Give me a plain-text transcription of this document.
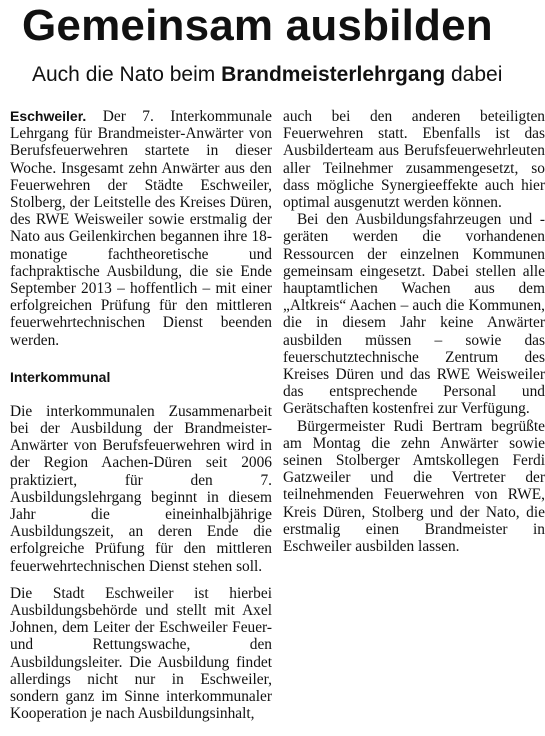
Gemeinsam ausbilden
Auch die Nato beim Brandmeisterlehrgang dabei

Eschweiler. Der 7. Interkommunale Lehrgang für Brandmeister-Anwärter von Berufsfeuerwehren startete in dieser Woche. Insgesamt zehn Anwärter aus den Feuerwehren der Städte Eschweiler, Stolberg, der Leitstelle des Kreises Düren, des RWE Weisweiler sowie erstmalig der Nato aus Geilenkirchen begannen ihre 18-monatige fachtheoretische und fachpraktische Ausbildung, die sie Ende September 2013 – hoffentlich – mit einer erfolgreichen Prüfung für den mittleren feuerwehrtechnischen Dienst beenden werden.

Interkommunal

Die interkommunalen Zusammenarbeit bei der Ausbildung der Brandmeister-Anwärter von Berufsfeuerwehren wird in der Region Aachen-Düren seit 2006 praktiziert, für den 7. Ausbildungslehrgang beginnt in diesem Jahr die eineinhalbjährige Ausbildungszeit, an deren Ende die erfolgreiche Prüfung für den mittleren feuerwehrtechnischen Dienst stehen soll.

Die Stadt Eschweiler ist hierbei Ausbildungsbehörde und stellt mit Axel Johnen, dem Leiter der Eschweiler Feuer- und Rettungswache, den Ausbildungsleiter. Die Ausbildung findet allerdings nicht nur in Eschweiler, sondern ganz im Sinne interkommunaler Kooperation je nach Ausbildungsinhalt,

auch bei den anderen beteiligten Feuerwehren statt. Ebenfalls ist das Ausbilderteam aus Berufsfeuerwehrleuten aller Teilnehmer zusammengesetzt, so dass mögliche Synergieeffekte auch hier optimal ausgenutzt werden können.

Bei den Ausbildungsfahrzeugen und -geräten werden die vorhandenen Ressourcen der einzelnen Kommunen gemeinsam eingesetzt. Dabei stellen alle hauptamtlichen Wachen aus dem „Altkreis“ Aachen – auch die Kommunen, die in diesem Jahr keine Anwärter ausbilden müssen – sowie das feuerschutztechnische Zentrum des Kreises Düren und das RWE Weisweiler das entsprechende Personal und Gerätschaften kostenfrei zur Verfügung.

Bürgermeister Rudi Bertram begrüßte am Montag die zehn Anwärter sowie seinen Stolberger Amtskollegen Ferdi Gatzweiler und die Vertreter der teilnehmenden Feuerwehren von RWE, Kreis Düren, Stolberg und der Nato, die erstmalig einen Brandmeister in Eschweiler ausbilden lassen.
